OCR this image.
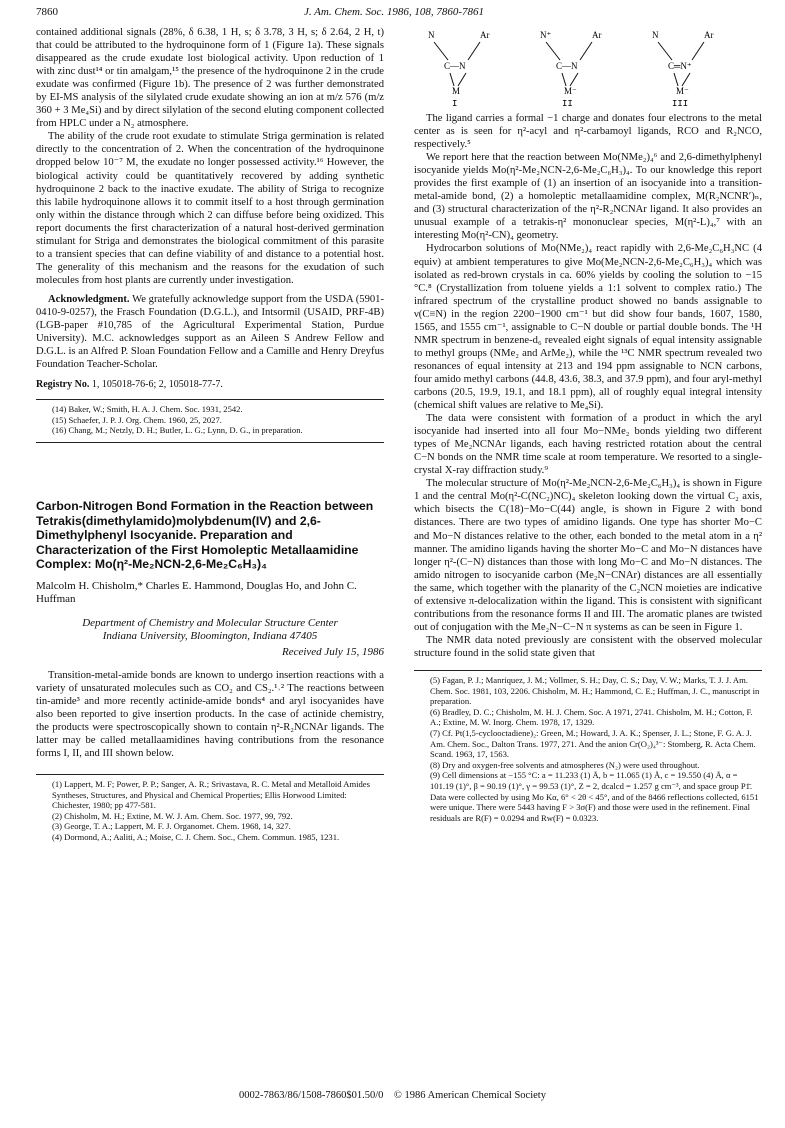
7860	J. Am. Chem. Soc. 1986, 108, 7860-7861

contained additional signals (28%, δ 6.38, 1 H, s; δ 3.78, 3 H, s; δ 2.64, 2 H, t) that could be attributed to the hydroquinone form of 1 (Figure 1a). These signals disappeared as the crude exudate lost biological activity. Upon reduction of 1 with zinc dust¹⁴ or tin amalgam,¹⁵ the presence of the hydroquinone 2 in the crude exudate was confirmed (Figure 1b). The presence of 2 was further demonstrated by EI-MS analysis of the silylated crude exudate showing an ion at m/z 576 (m/z 360 + 3 Me₄Si) and by direct silylation of the second eluting component collected from HPLC under a N₂ atmosphere.

The ability of the crude root exudate to stimulate Striga germination is related directly to the concentration of 2. When the concentration of the hydroquinone dropped below 10⁻⁷ M, the exudate no longer possessed activity.¹⁶ However, the biological activity could be quantitatively recovered by adding synthetic hydroquinone 2 back to the inactive exudate. The ability of Striga to recognize this labile hydroquinone allows it to commit itself to a host through germination only within the distance through which 2 can diffuse before being oxidized. This report documents the first characterization of a natural host-derived germination stimulant for Striga and demonstrates the biological commitment of this parasite to a transient species that can define viability of and distance to a potential host. The generality of this mechanism and the reasons for the exudation of such molecules from host plants are currently under investigation.

Acknowledgment. We gratefully acknowledge support from the USDA (5901-0410-9-0257), the Frasch Foundation (D.G.L.), and Intsormil (USAID, PRF-4B) (LGB-paper #10,785 of the Agricultural Experimental Station, Purdue University). M.C. acknowledges support as an Aileen S Andrew Fellow and D.G.L. is an Alfred P. Sloan Foundation Fellow and a Camille and Henry Dreyfus Foundation Teacher-Scholar.

Registry No. 1, 105018-76-6; 2, 105018-77-7.

(14) Baker, W.; Smith, H. A. J. Chem. Soc. 1931, 2542.
(15) Schaefer, J. P. J. Org. Chem. 1960, 25, 2027.
(16) Chang, M.; Netzly, D. H.; Butler, L. G.; Lynn, D. G., in preparation.
Carbon-Nitrogen Bond Formation in the Reaction between Tetrakis(dimethylamido)molybdenum(IV) and 2,6-Dimethylphenyl Isocyanide. Preparation and Characterization of the First Homoleptic Metallaamidine Complex: Mo(η²-Me₂NCN-2,6-Me₂C₆H₃)₄
Malcolm H. Chisholm,* Charles E. Hammond, Douglas Ho, and John C. Huffman
Department of Chemistry and Molecular Structure Center
Indiana University, Bloomington, Indiana 47405
Received July 15, 1986

Transition-metal-amide bonds are known to undergo insertion reactions with a variety of unsaturated molecules such as CO₂ and CS₂.¹˒² The reactions between tin-amide³ and more recently actinide-amide bonds⁴ and aryl isocyanides have also been reported to give insertion products. In the case of actinide chemistry, the products were spectroscopically shown to contain η²-R₂NCNAr ligands. The latter may be called metallaamidines having contributions from the resonance forms I, II, and III shown below.

(1) Lappert, M. F; Power, P. P.; Sanger, A. R.; Srivastava, R. C. Metal and Metalloid Amides Syntheses, Structures, and Physical and Chemical Properties; Ellis Horwood Limited: Chichester, 1980; pp 477-581.
(2) Chisholm, M. H.; Extine, M. W. J. Am. Chem. Soc. 1977, 99, 792.
(3) George, T. A.; Lappert, M. F. J. Organomet. Chem. 1968, 14, 327.
(4) Dormond, A.; Aaliti, A.; Moise, C. J. Chem. Soc., Chem. Commun. 1985, 1231.
N	Ar
C—N
M
I
N⁺	Ar
C—N
M⁻
II
N	Ar
C═N⁺
M⁻
III

The ligand carries a formal −1 charge and donates four electrons to the metal center as is seen for η²-acyl and η²-carbamoyl ligands, RCO and R₂NCO, respectively.⁵

We report here that the reaction between Mo(NMe₂)₄⁶ and 2,6-dimethylphenyl isocyanide yields Mo(η²-Me₂NCN-2,6-Me₂C₆H₃)₄. To our knowledge this report provides the first example of (1) an insertion of an isocyanide into a transition-metal-amide bond, (2) a homoleptic metallaamidine complex, M(R₂NCNR′)ₙ, and (3) structural characterization of the η²-R₂NCNAr ligand. It also provides an unusual example of a tetrakis-η² mononuclear species, M(η²-L)₄,⁷ with an interesting Mo(η²-CN)₄ geometry.

Hydrocarbon solutions of Mo(NMe₂)₄ react rapidly with 2,6-Me₂C₆H₃NC (4 equiv) at ambient temperatures to give Mo(Me₂NCN-2,6-Me₂C₆H₃)₄ which was isolated as red-brown crystals in ca. 60% yields by cooling the solution to −15 °C.⁸ (Crystallization from toluene yields a 1:1 solvent to complex ratio.) The infrared spectrum of the crystalline product showed no bands assignable to ν(C≡N) in the region 2200−1900 cm⁻¹ but did show four bands, 1607, 1580, 1565, and 1555 cm⁻¹, assignable to C−N double or partial double bonds. The ¹H NMR spectrum in benzene-d₆ revealed eight signals of equal intensity assignable to methyl groups (NMe₂ and ArMe₂), while the ¹³C NMR spectrum revealed two resonances of equal intensity at 213 and 194 ppm assignable to NCN carbons, four amido methyl carbons (44.8, 43.6, 38.3, and 37.9 ppm), and four aryl-methyl carbons (20.5, 19.9, 19.1, and 18.1 ppm), all of roughly equal integral intensity (chemical shift values are relative to Me₄Si).

The data were consistent with formation of a product in which the aryl isocyanide had inserted into all four Mo−NMe₂ bonds yielding two different types of Me₂NCNAr ligands, each having restricted rotation about the central C−N bonds on the NMR time scale at room temperature. We resorted to a single-crystal X-ray diffraction study.⁹

The molecular structure of Mo(η²-Me₂NCN-2,6-Me₂C₆H₃)₄ is shown in Figure 1 and the central Mo(η²-C(NC₂)NC)₄ skeleton looking down the virtual C₂ axis, which bisects the C(18)−Mo−C(44) angle, is shown in Figure 2 with bond distances. There are two types of amidino ligands. One type has shorter Mo−C and Mo−N distances relative to the other, each bonded to the metal atom in a η² manner. The amidino ligands having the shorter Mo−C and Mo−N distances have longer η²-(C−N) distances than those with long Mo−C and Mo−N distances. The amido nitrogen to isocyanide carbon (Me₂N−CNAr) distances are all essentially the same, which together with the planarity of the C₂NCN moieties are indicative of extensive π-delocalization within the ligand. This is consistent with significant contributions from the resonance forms II and III. The aromatic planes are twisted out of conjugation with the Me₂N−C−N π systems as can be seen in Figure 1.

The NMR data noted previously are consistent with the observed molecular structure found in the solid state given that

(5) Fagan, P. J.; Manriquez, J. M.; Vollmer, S. H.; Day, C. S.; Day, V. W.; Marks, T. J. J. Am. Chem. Soc. 1981, 103, 2206. Chisholm, M. H.; Hammond, C. E.; Huffman, J. C., manuscript in preparation.
(6) Bradley, D. C.; Chisholm, M. H. J. Chem. Soc. A 1971, 2741. Chisholm, M. H.; Cotton, F. A.; Extine, M. W. Inorg. Chem. 1978, 17, 1329.
(7) Cf. Pt(1,5-cyclooctadiene)₂: Green, M.; Howard, J. A. K.; Spenser, J. L.; Stone, F. G. A. J. Am. Chem. Soc., Dalton Trans. 1977, 271. And the anion Cr(O₂)₄³⁻: Stomberg, R. Acta Chem. Scand. 1963, 17, 1563.
(8) Dry and oxygen-free solvents and atmospheres (N₂) were used throughout.
(9) Cell dimensions at −155 °C: a = 11.233 (1) Å, b = 11.065 (1) Å, c = 19.550 (4) Å, α = 101.19 (1)°, β = 90.19 (1)°, γ = 99.53 (1)°, Z = 2, dcalcd = 1.257 g cm⁻³, and space group P1̄. Data were collected by using Mo Kα, 6° < 2θ < 45°, and of the 8466 reflections collected, 6151 were unique. There were 5443 having F > 3σ(F) and those were used in the refinement. Final residuals are R(F) = 0.0294 and Rw(F) = 0.0323.
0002-7863/86/1508-7860$01.50/0 © 1986 American Chemical Society
